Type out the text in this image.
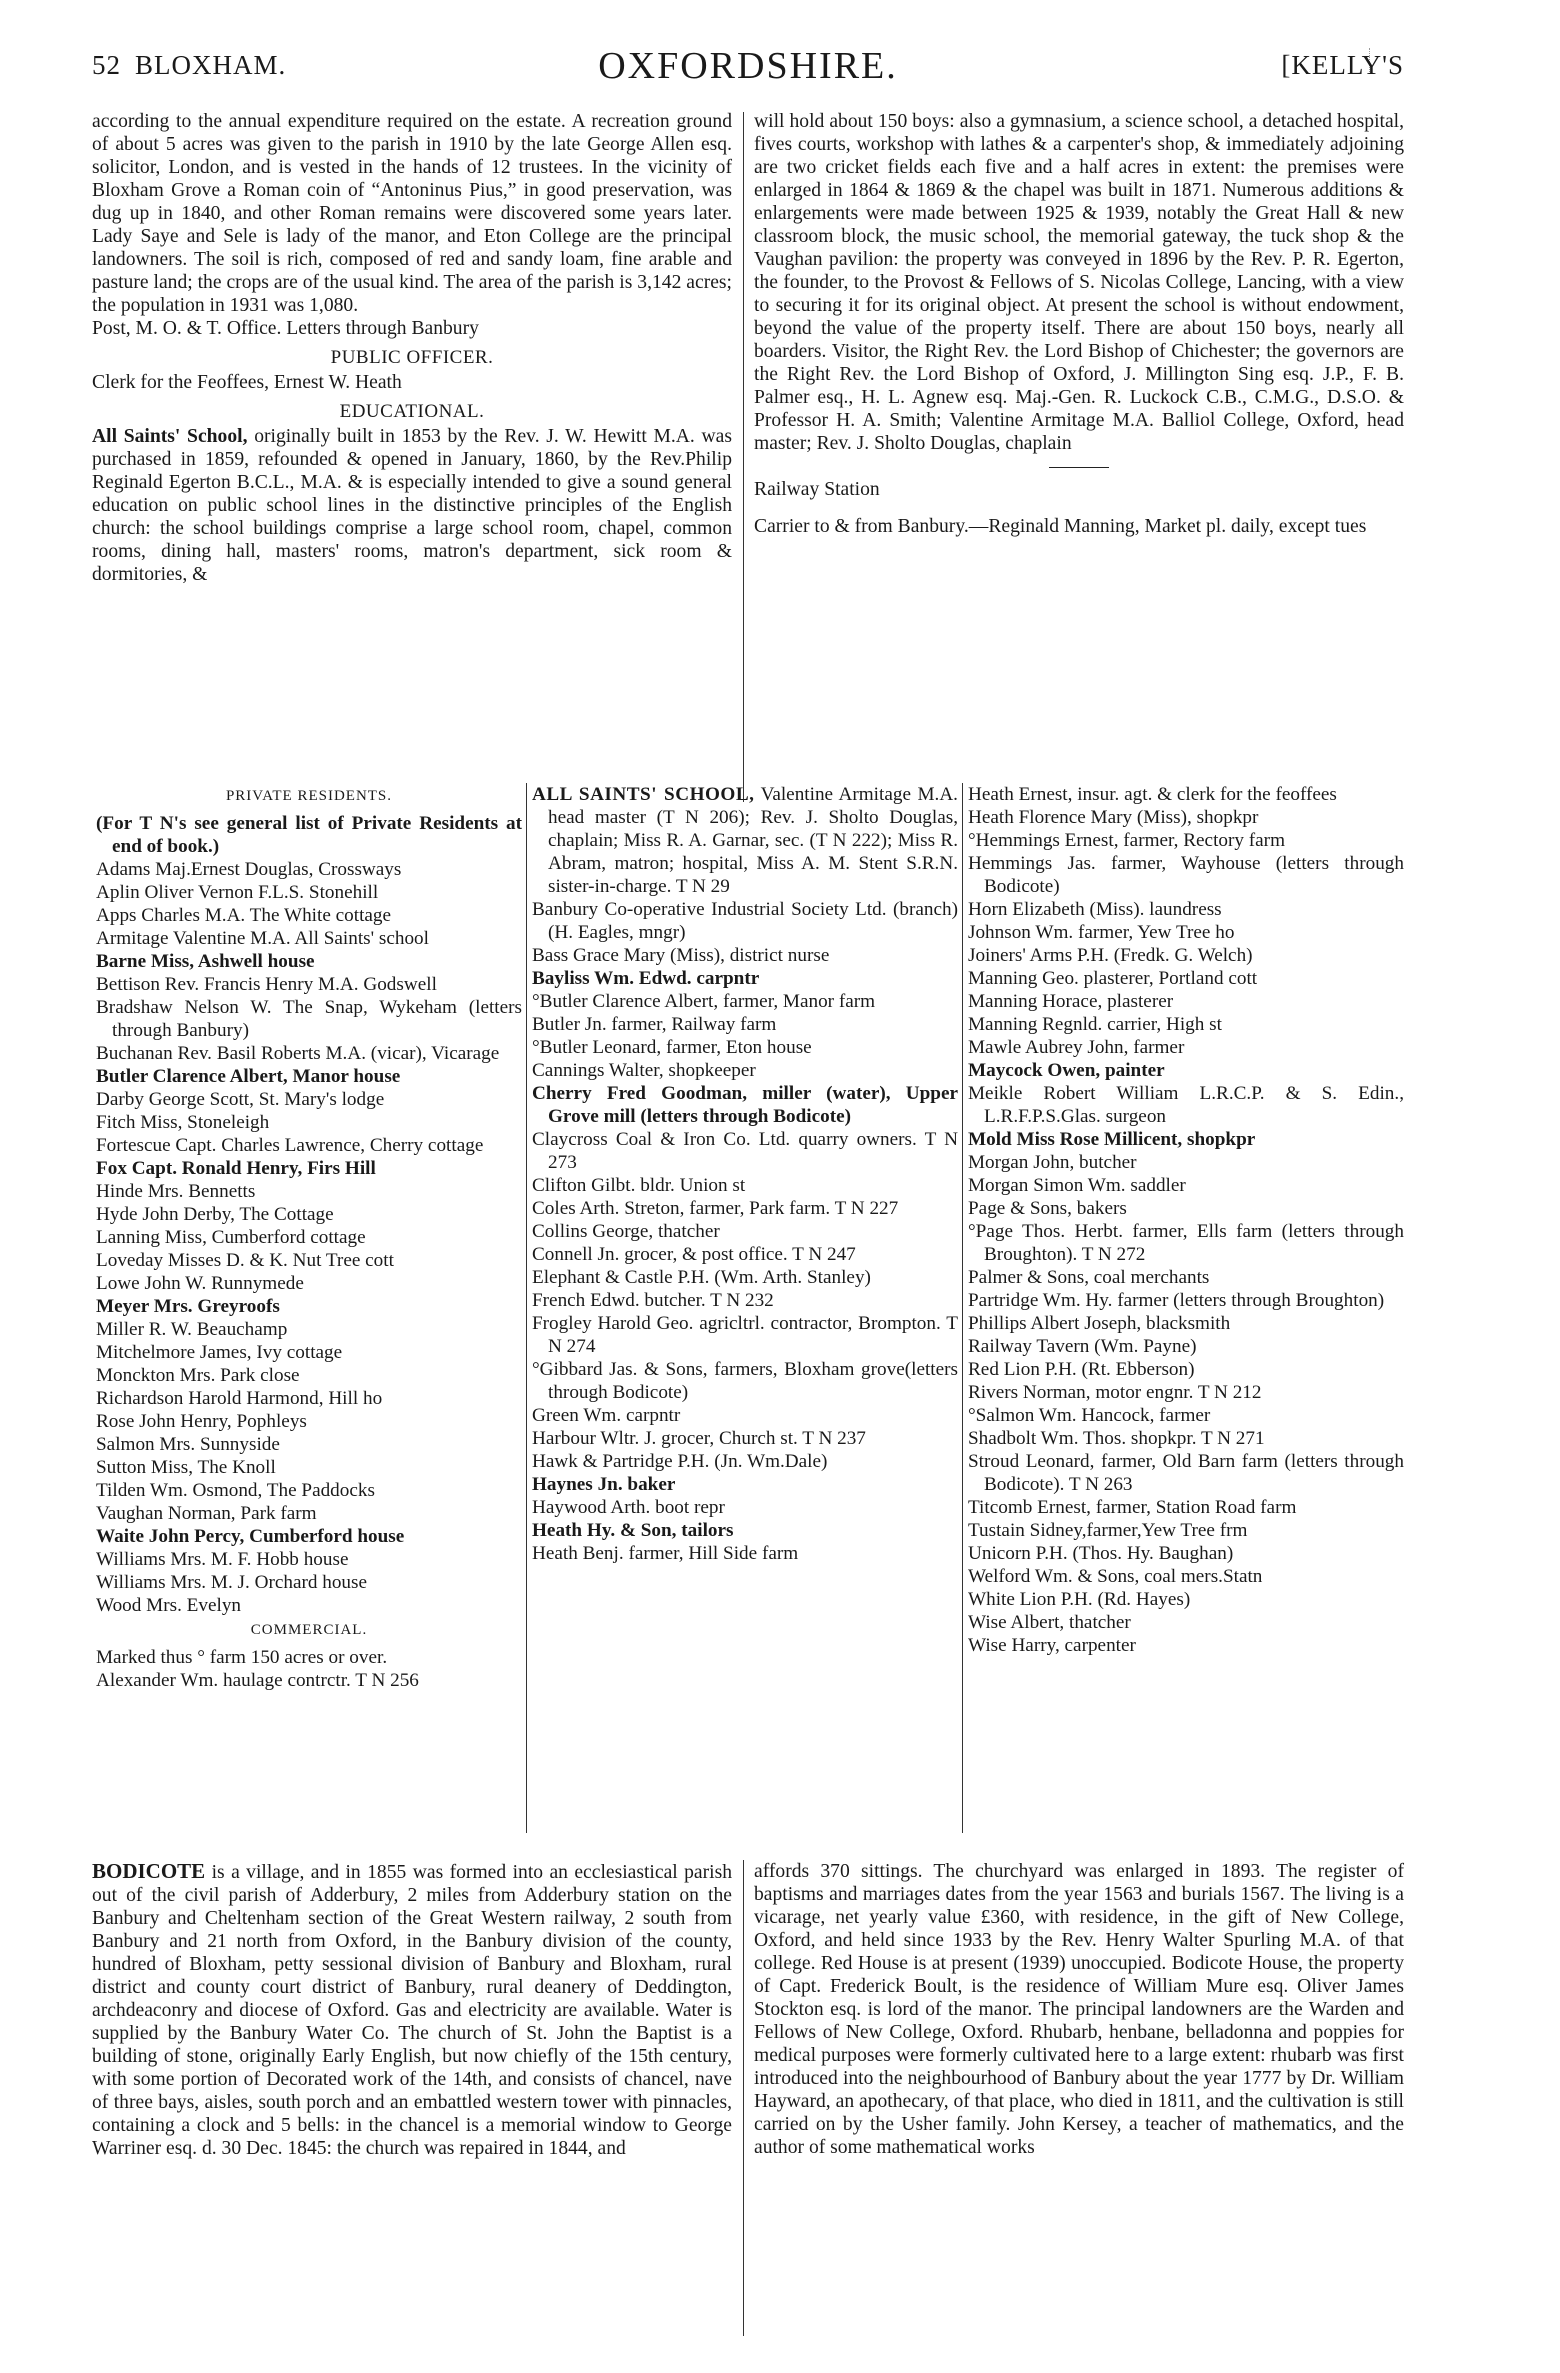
52 BLOXHAM.	OXFORDSHIRE.	[KELLY'S

according to the annual expenditure required on the estate. A recreation ground of about 5 acres was given to the parish in 1910 by the late George Allen esq. solicitor, London, and is vested in the hands of 12 trustees. In the vicinity of Bloxham Grove a Roman coin of “Antoninus Pius,” in good preservation, was dug up in 1840, and other Roman remains were discovered some years later. Lady Saye and Sele is lady of the manor, and Eton College are the principal landowners. The soil is rich, composed of red and sandy loam, fine arable and pasture land; the crops are of the usual kind. The area of the parish is 3,142 acres; the population in 1931 was 1,080.

Post, M. O. & T. Office. Letters through Banbury

PUBLIC OFFICER.

Clerk for the Feoffees, Ernest W. Heath

EDUCATIONAL.

All Saints' School, originally built in 1853 by the Rev. J. W. Hewitt M.A. was purchased in 1859, refounded & opened in January, 1860, by the Rev.Philip Reginald Egerton B.C.L., M.A. & is especially intended to give a sound general education on public school lines in the distinctive principles of the English church: the school buildings comprise a large school room, chapel, common rooms, dining hall, masters' rooms, matron's department, sick room & dormitories, &

will hold about 150 boys: also a gymnasium, a science school, a detached hospital, fives courts, workshop with lathes & a carpenter's shop, & immediately adjoining are two cricket fields each five and a half acres in extent: the premises were enlarged in 1864 & 1869 & the chapel was built in 1871. Numerous additions & enlargements were made between 1925 & 1939, notably the Great Hall & new classroom block, the music school, the memorial gateway, the tuck shop & the Vaughan pavilion: the property was conveyed in 1896 by the Rev. P. R. Egerton, the founder, to the Provost & Fellows of S. Nicolas College, Lancing, with a view to securing it for its original object. At present the school is without endowment, beyond the value of the property itself. There are about 150 boys, nearly all boarders. Visitor, the Right Rev. the Lord Bishop of Chichester; the governors are the Right Rev. the Lord Bishop of Oxford, J. Millington Sing esq. J.P., F. B. Palmer esq., H. L. Agnew esq. Maj.-Gen. R. Luckock C.B., C.M.G., D.S.O. & Professor H. A. Smith; Valentine Armitage M.A. Balliol College, Oxford, head master; Rev. J. Sholto Douglas, chaplain

Railway Station

Carrier to & from Banbury.—Reginald Manning, Market pl. daily, except tues

PRIVATE RESIDENTS.
(For T N's see general list of Private Residents at end of book.)
Adams Maj.Ernest Douglas, Crossways
Aplin Oliver Vernon F.L.S. Stonehill
Apps Charles M.A. The White cottage
Armitage Valentine M.A. All Saints' school
Barne Miss, Ashwell house
Bettison Rev. Francis Henry M.A. Godswell
Bradshaw Nelson W. The Snap, Wykeham (letters through Banbury)
Buchanan Rev. Basil Roberts M.A. (vicar), Vicarage
Butler Clarence Albert, Manor house
Darby George Scott, St. Mary's lodge
Fitch Miss, Stoneleigh
Fortescue Capt. Charles Lawrence, Cherry cottage
Fox Capt. Ronald Henry, Firs Hill
Hinde Mrs. Bennetts
Hyde John Derby, The Cottage
Lanning Miss, Cumberford cottage
Loveday Misses D. & K. Nut Tree cott
Lowe John W. Runnymede
Meyer Mrs. Greyroofs
Miller R. W. Beauchamp
Mitchelmore James, Ivy cottage
Monckton Mrs. Park close
Richardson Harold Harmond, Hill ho
Rose John Henry, Pophleys
Salmon Mrs. Sunnyside
Sutton Miss, The Knoll
Tilden Wm. Osmond, The Paddocks
Vaughan Norman, Park farm
Waite John Percy, Cumberford house
Williams Mrs. M. F. Hobb house
Williams Mrs. M. J. Orchard house
Wood Mrs. Evelyn
COMMERCIAL.
Marked thus ° farm 150 acres or over.
Alexander Wm. haulage contrctr. T N 256
ALL SAINTS' SCHOOL, Valentine Armitage M.A. head master (T N 206); Rev. J. Sholto Douglas, chaplain; Miss R. A. Garnar, sec. (T N 222); Miss R. Abram, matron; hospital, Miss A. M. Stent S.R.N. sister-in-charge. T N 29
Banbury Co-operative Industrial Society Ltd. (branch) (H. Eagles, mngr)
Bass Grace Mary (Miss), district nurse
Bayliss Wm. Edwd. carpntr
°Butler Clarence Albert, farmer, Manor farm
Butler Jn. farmer, Railway farm
°Butler Leonard, farmer, Eton house
Cannings Walter, shopkeeper
Cherry Fred Goodman, miller (water), Upper Grove mill (letters through Bodicote)
Claycross Coal & Iron Co. Ltd. quarry owners. T N 273
Clifton Gilbt. bldr. Union st
Coles Arth. Streton, farmer, Park farm. T N 227
Collins George, thatcher
Connell Jn. grocer, & post office. T N 247
Elephant & Castle P.H. (Wm. Arth. Stanley)
French Edwd. butcher. T N 232
Frogley Harold Geo. agricltrl. contractor, Brompton. T N 274
°Gibbard Jas. & Sons, farmers, Bloxham grove(letters through Bodicote)
Green Wm. carpntr
Harbour Wltr. J. grocer, Church st. T N 237
Hawk & Partridge P.H. (Jn. Wm.Dale)
Haynes Jn. baker
Haywood Arth. boot repr
Heath Hy. & Son, tailors
Heath Benj. farmer, Hill Side farm
Heath Ernest, insur. agt. & clerk for the feoffees
Heath Florence Mary (Miss), shopkpr
°Hemmings Ernest, farmer, Rectory farm
Hemmings Jas. farmer, Wayhouse (letters through Bodicote)
Horn Elizabeth (Miss). laundress
Johnson Wm. farmer, Yew Tree ho
Joiners' Arms P.H. (Fredk. G. Welch)
Manning Geo. plasterer, Portland cott
Manning Horace, plasterer
Manning Regnld. carrier, High st
Mawle Aubrey John, farmer
Maycock Owen, painter
Meikle Robert William L.R.C.P. & S. Edin., L.R.F.P.S.Glas. surgeon
Mold Miss Rose Millicent, shopkpr
Morgan John, butcher
Morgan Simon Wm. saddler
Page & Sons, bakers
°Page Thos. Herbt. farmer, Ells farm (letters through Broughton). T N 272
Palmer & Sons, coal merchants
Partridge Wm. Hy. farmer (letters through Broughton)
Phillips Albert Joseph, blacksmith
Railway Tavern (Wm. Payne)
Red Lion P.H. (Rt. Ebberson)
Rivers Norman, motor engnr. T N 212
°Salmon Wm. Hancock, farmer
Shadbolt Wm. Thos. shopkpr. T N 271
Stroud Leonard, farmer, Old Barn farm (letters through Bodicote). T N 263
Titcomb Ernest, farmer, Station Road farm
Tustain Sidney,farmer,Yew Tree frm
Unicorn P.H. (Thos. Hy. Baughan)
Welford Wm. & Sons, coal mers.Statn
White Lion P.H. (Rd. Hayes)
Wise Albert, thatcher
Wise Harry, carpenter

BODICOTE is a village, and in 1855 was formed into an ecclesiastical parish out of the civil parish of Adderbury, 2 miles from Adderbury station on the Banbury and Cheltenham section of the Great Western railway, 2 south from Banbury and 21 north from Oxford, in the Banbury division of the county, hundred of Bloxham, petty sessional division of Banbury and Bloxham, rural district and county court district of Banbury, rural deanery of Deddington, archdeaconry and diocese of Oxford. Gas and electricity are available. Water is supplied by the Banbury Water Co. The church of St. John the Baptist is a building of stone, originally Early English, but now chiefly of the 15th century, with some portion of Decorated work of the 14th, and consists of chancel, nave of three bays, aisles, south porch and an embattled western tower with pinnacles, containing a clock and 5 bells: in the chancel is a memorial window to George Warriner esq. d. 30 Dec. 1845: the church was repaired in 1844, and

affords 370 sittings. The churchyard was enlarged in 1893. The register of baptisms and marriages dates from the year 1563 and burials 1567. The living is a vicarage, net yearly value £360, with residence, in the gift of New College, Oxford, and held since 1933 by the Rev. Henry Walter Spurling M.A. of that college. Red House is at present (1939) unoccupied. Bodicote House, the property of Capt. Frederick Boult, is the residence of William Mure esq. Oliver James Stockton esq. is lord of the manor. The principal landowners are the Warden and Fellows of New College, Oxford. Rhubarb, henbane, belladonna and poppies for medical purposes were formerly cultivated here to a large extent: rhubarb was first introduced into the neighbourhood of Banbury about the year 1777 by Dr. William Hayward, an apothecary, of that place, who died in 1811, and the cultivation is still carried on by the Usher family. John Kersey, a teacher of mathematics, and the author of some mathematical works
